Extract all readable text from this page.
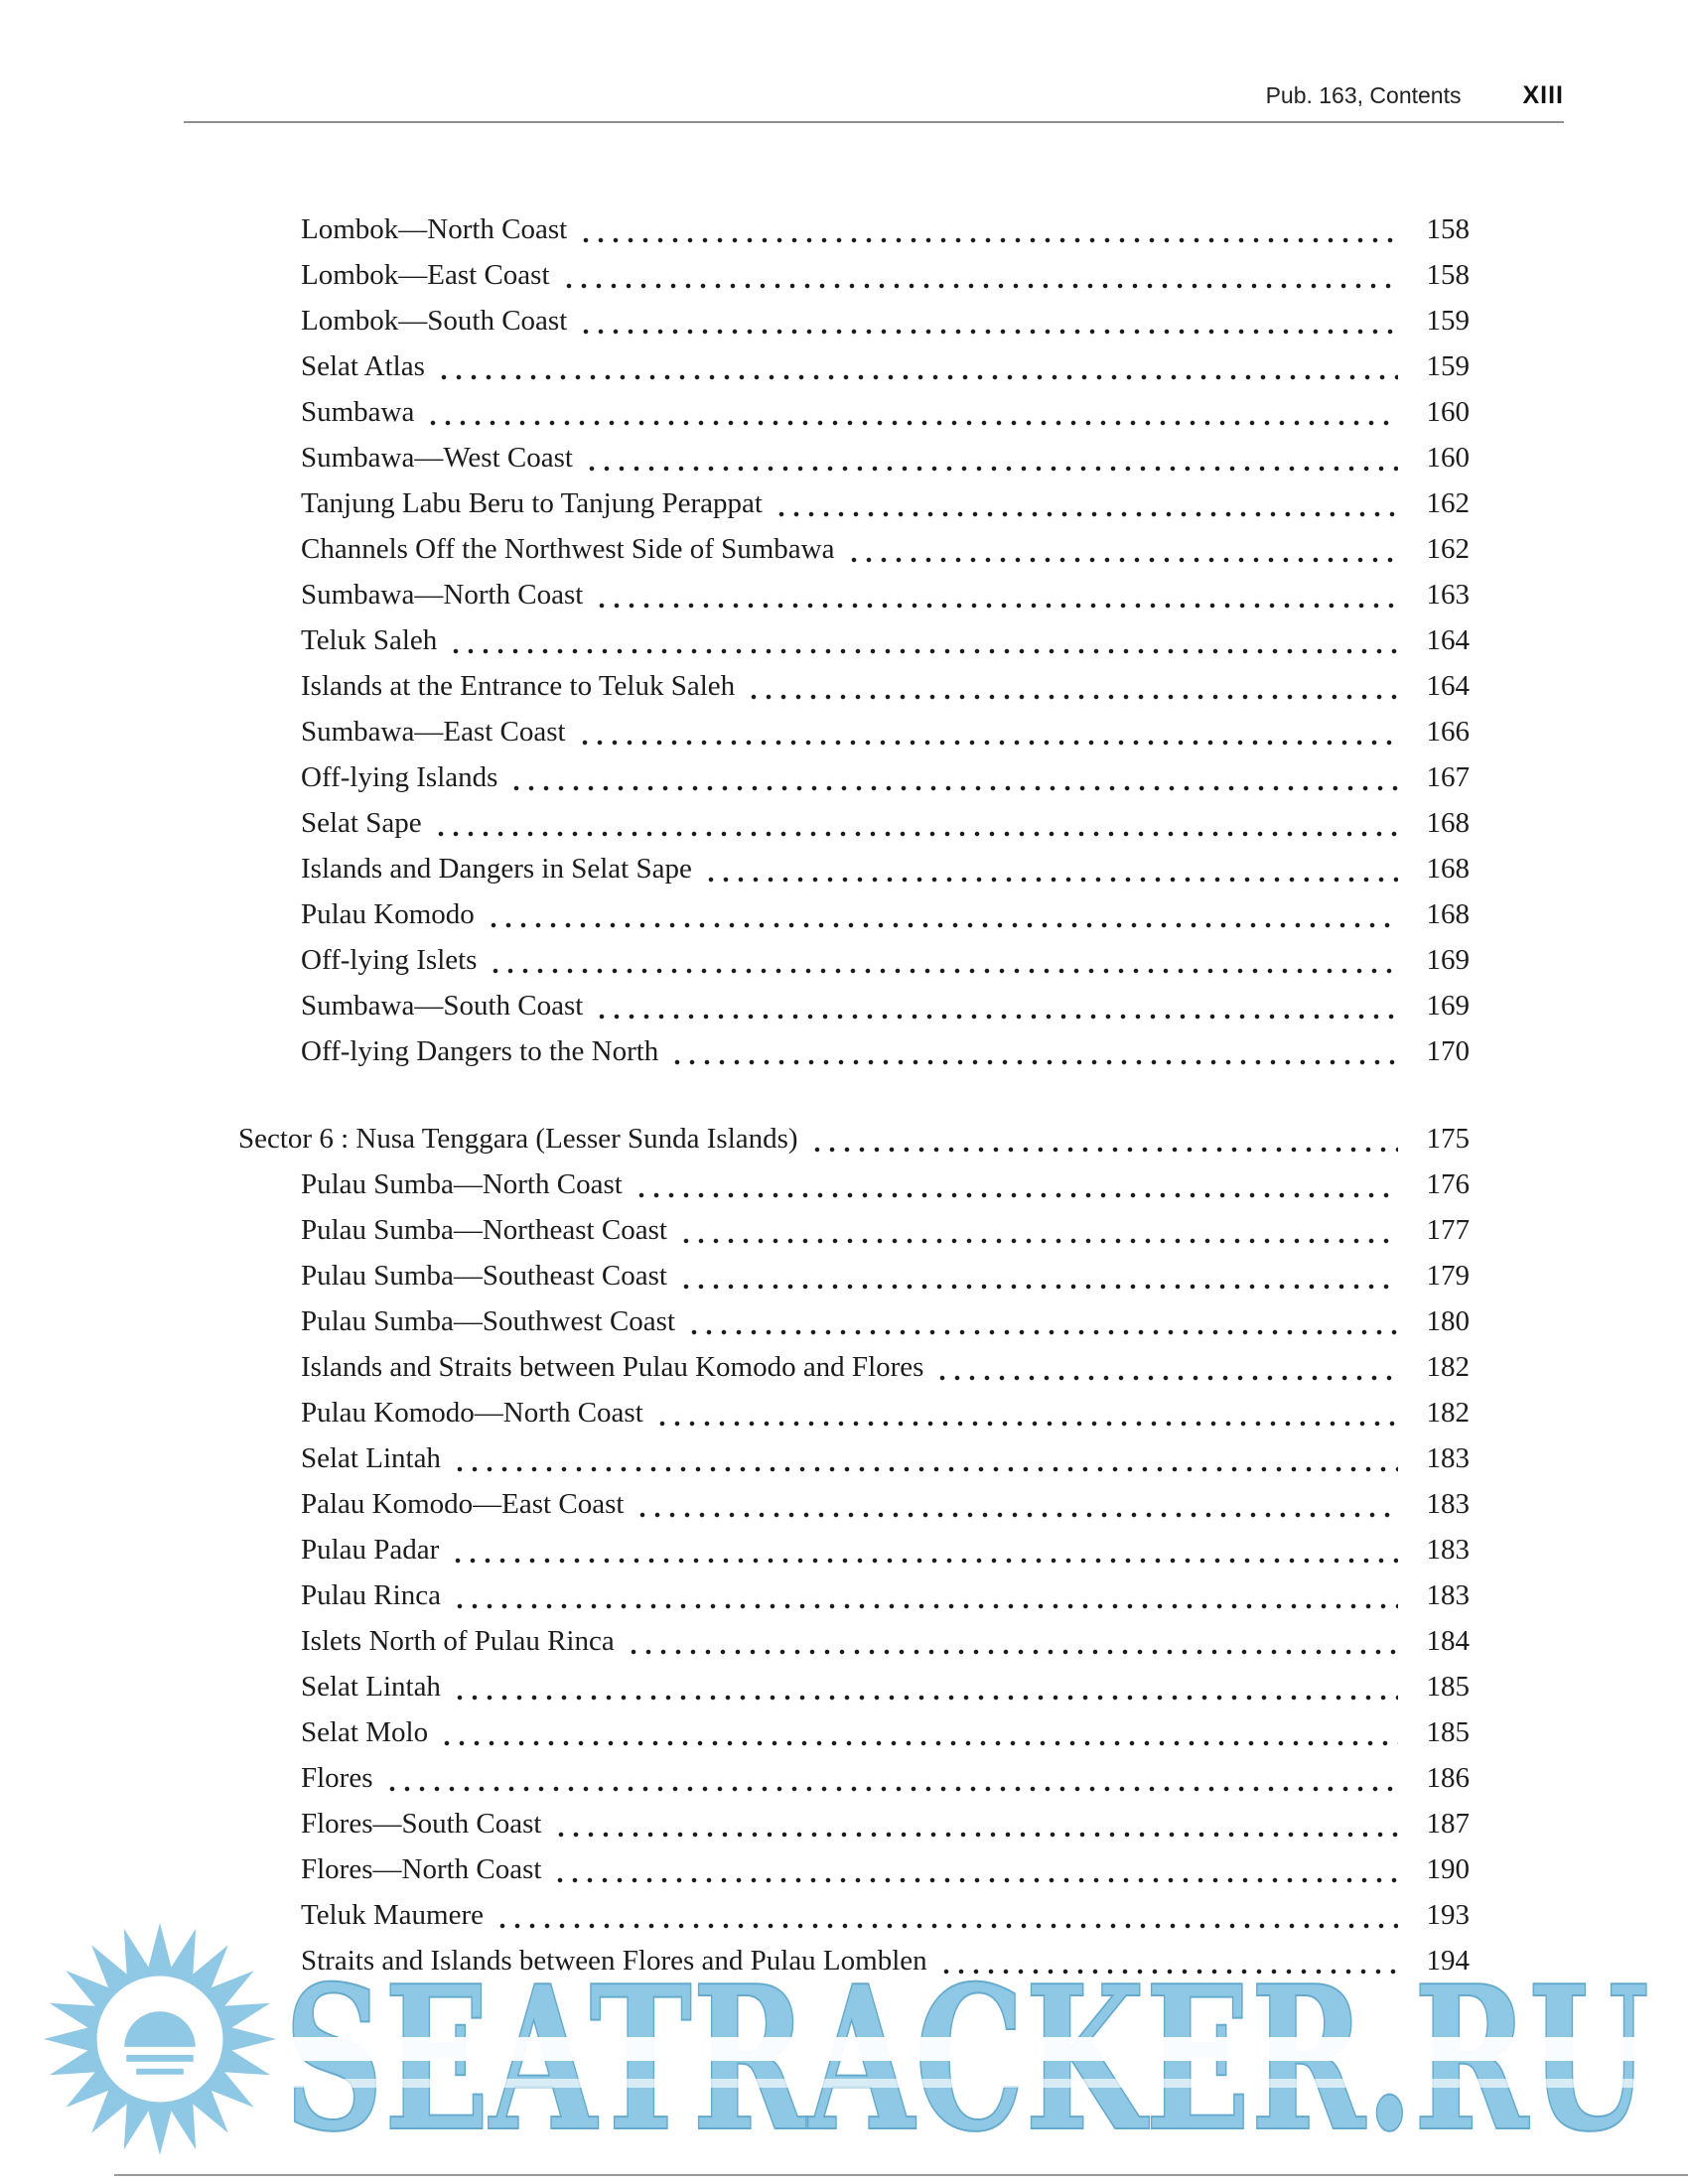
Pub. 163, Contents XIII
Lombok—North Coast	158
Lombok—East Coast	158
Lombok—South Coast	159
Selat Atlas	159
Sumbawa	160
Sumbawa—West Coast	160
Tanjung Labu Beru to Tanjung Perappat	162
Channels Off the Northwest Side of Sumbawa	162
Sumbawa—North Coast	163
Teluk Saleh	164
Islands at the Entrance to Teluk Saleh	164
Sumbawa—East Coast	166
Off-lying Islands	167
Selat Sape	168
Islands and Dangers in Selat Sape	168
Pulau Komodo	168
Off-lying Islets	169
Sumbawa—South Coast	169
Off-lying Dangers to the North	170
Sector 6 : Nusa Tenggara (Lesser Sunda Islands)	175
Pulau Sumba—North Coast	176
Pulau Sumba—Northeast Coast	177
Pulau Sumba—Southeast Coast	179
Pulau Sumba—Southwest Coast	180
Islands and Straits between Pulau Komodo and Flores	182
Pulau Komodo—North Coast	182
Selat Lintah	183
Palau Komodo—East Coast	183
Pulau Padar	183
Pulau Rinca	183
Islets North of Pulau Rinca	184
Selat Lintah	185
Selat Molo	185
Flores	186
Flores—South Coast	187
Flores—North Coast	190
Teluk Maumere	193
Straits and Islands between Flores and Pulau Lomblen	194
